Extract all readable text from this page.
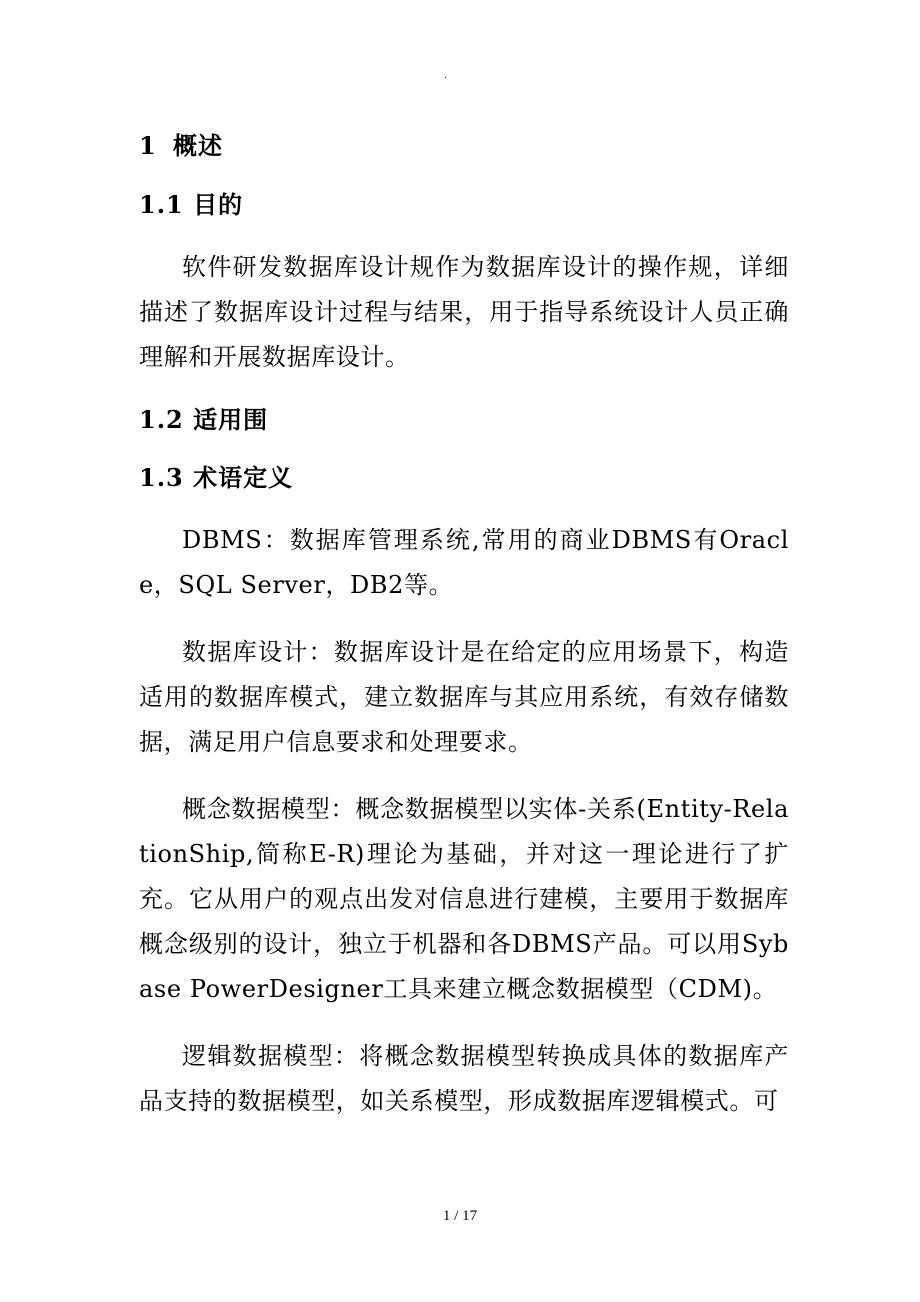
.
1 概述
1.1 目的

软件研发数据库设计规作为数据库设计的操作规，详细描述了数据库设计过程与结果，用于指导系统设计人员正确理解和开展数据库设计。

1.2 适用围
1.3 术语定义

DBMS：数据库管理系统,常用的商业DBMS有Oracle，SQL Server，DB2等。

数据库设计：数据库设计是在给定的应用场景下，构造适用的数据库模式，建立数据库与其应用系统，有效存储数据，满足用户信息要求和处理要求。

概念数据模型：概念数据模型以实体-关系(Entity-RelationShip,简称E-R)理论为基础，并对这一理论进行了扩充。它从用户的观点出发对信息进行建模，主要用于数据库概念级别的设计，独立于机器和各DBMS产品。可以用Sybase PowerDesigner工具来建立概念数据模型（CDM)。

逻辑数据模型：将概念数据模型转换成具体的数据库产品支持的数据模型，如关系模型，形成数据库逻辑模式。可

1 / 17
